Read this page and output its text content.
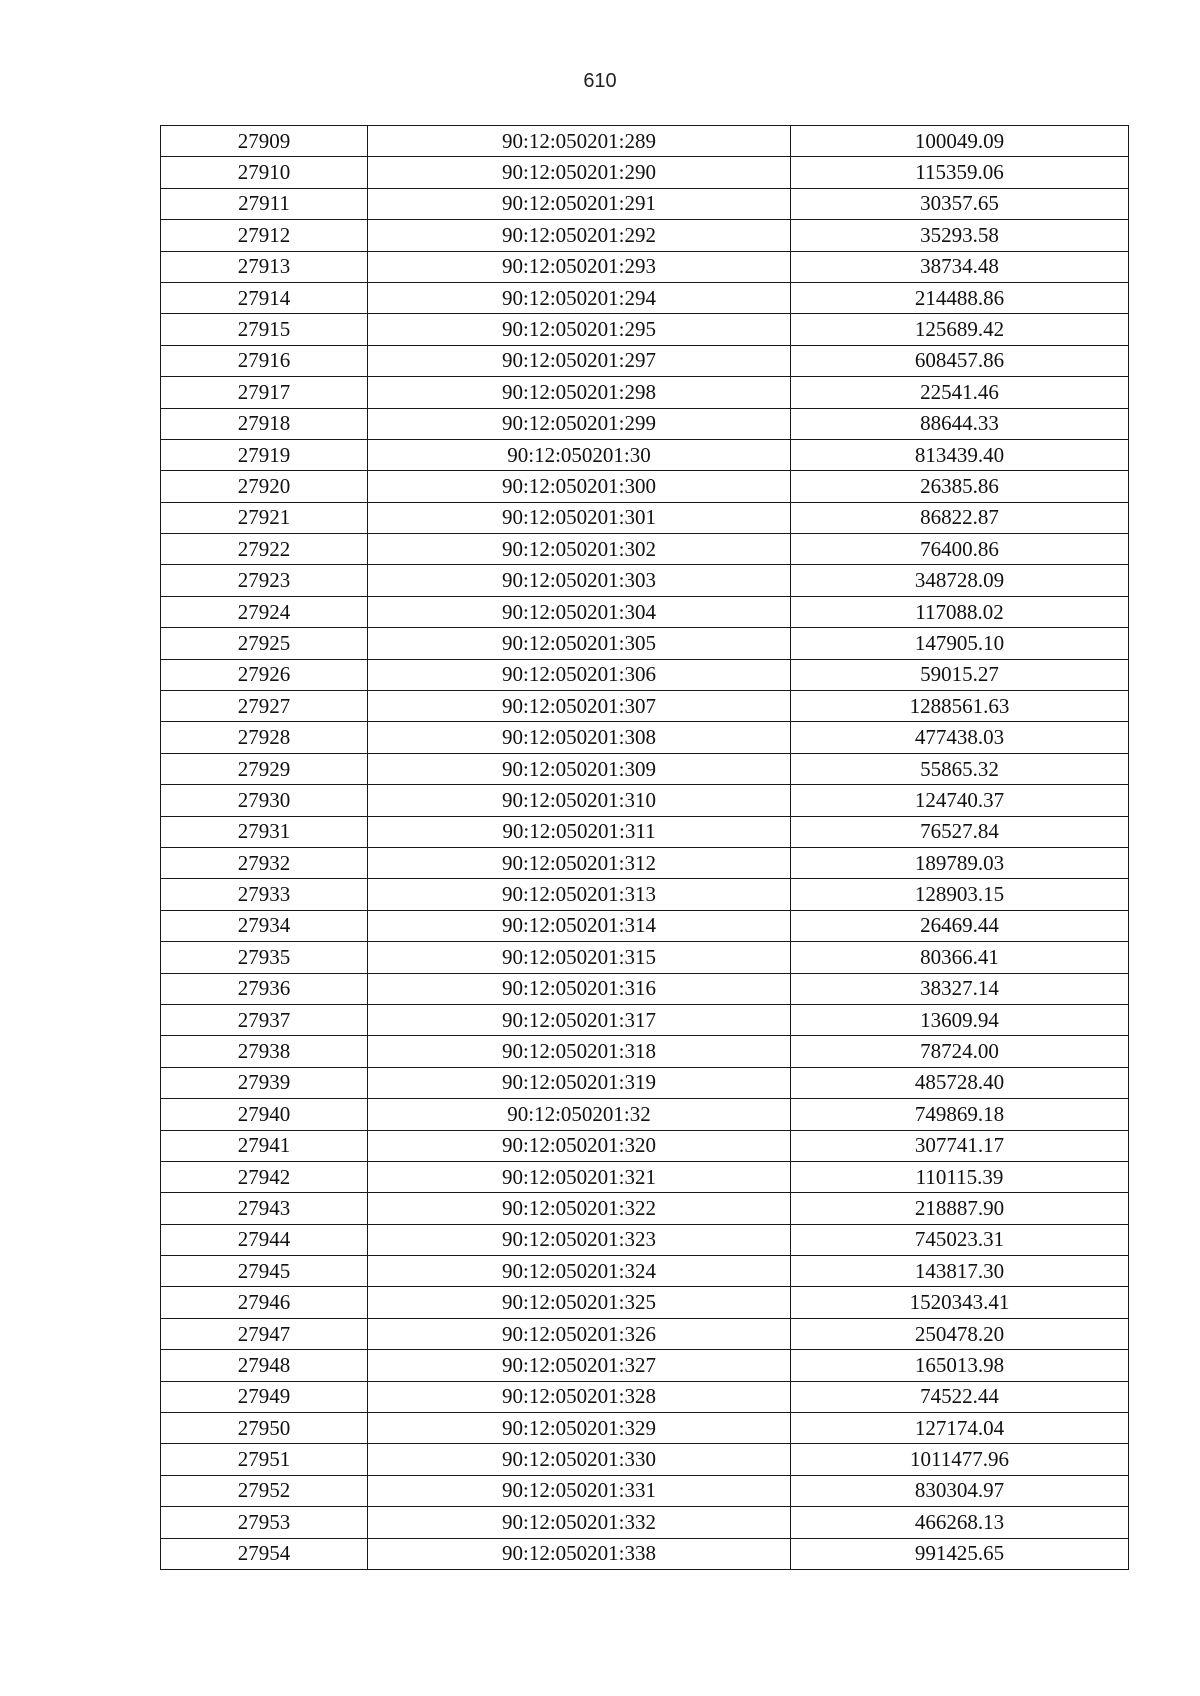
610
27909	90:12:050201:289	100049.09
27910	90:12:050201:290	115359.06
27911	90:12:050201:291	30357.65
27912	90:12:050201:292	35293.58
27913	90:12:050201:293	38734.48
27914	90:12:050201:294	214488.86
27915	90:12:050201:295	125689.42
27916	90:12:050201:297	608457.86
27917	90:12:050201:298	22541.46
27918	90:12:050201:299	88644.33
27919	90:12:050201:30	813439.40
27920	90:12:050201:300	26385.86
27921	90:12:050201:301	86822.87
27922	90:12:050201:302	76400.86
27923	90:12:050201:303	348728.09
27924	90:12:050201:304	117088.02
27925	90:12:050201:305	147905.10
27926	90:12:050201:306	59015.27
27927	90:12:050201:307	1288561.63
27928	90:12:050201:308	477438.03
27929	90:12:050201:309	55865.32
27930	90:12:050201:310	124740.37
27931	90:12:050201:311	76527.84
27932	90:12:050201:312	189789.03
27933	90:12:050201:313	128903.15
27934	90:12:050201:314	26469.44
27935	90:12:050201:315	80366.41
27936	90:12:050201:316	38327.14
27937	90:12:050201:317	13609.94
27938	90:12:050201:318	78724.00
27939	90:12:050201:319	485728.40
27940	90:12:050201:32	749869.18
27941	90:12:050201:320	307741.17
27942	90:12:050201:321	110115.39
27943	90:12:050201:322	218887.90
27944	90:12:050201:323	745023.31
27945	90:12:050201:324	143817.30
27946	90:12:050201:325	1520343.41
27947	90:12:050201:326	250478.20
27948	90:12:050201:327	165013.98
27949	90:12:050201:328	74522.44
27950	90:12:050201:329	127174.04
27951	90:12:050201:330	1011477.96
27952	90:12:050201:331	830304.97
27953	90:12:050201:332	466268.13
27954	90:12:050201:338	991425.65
